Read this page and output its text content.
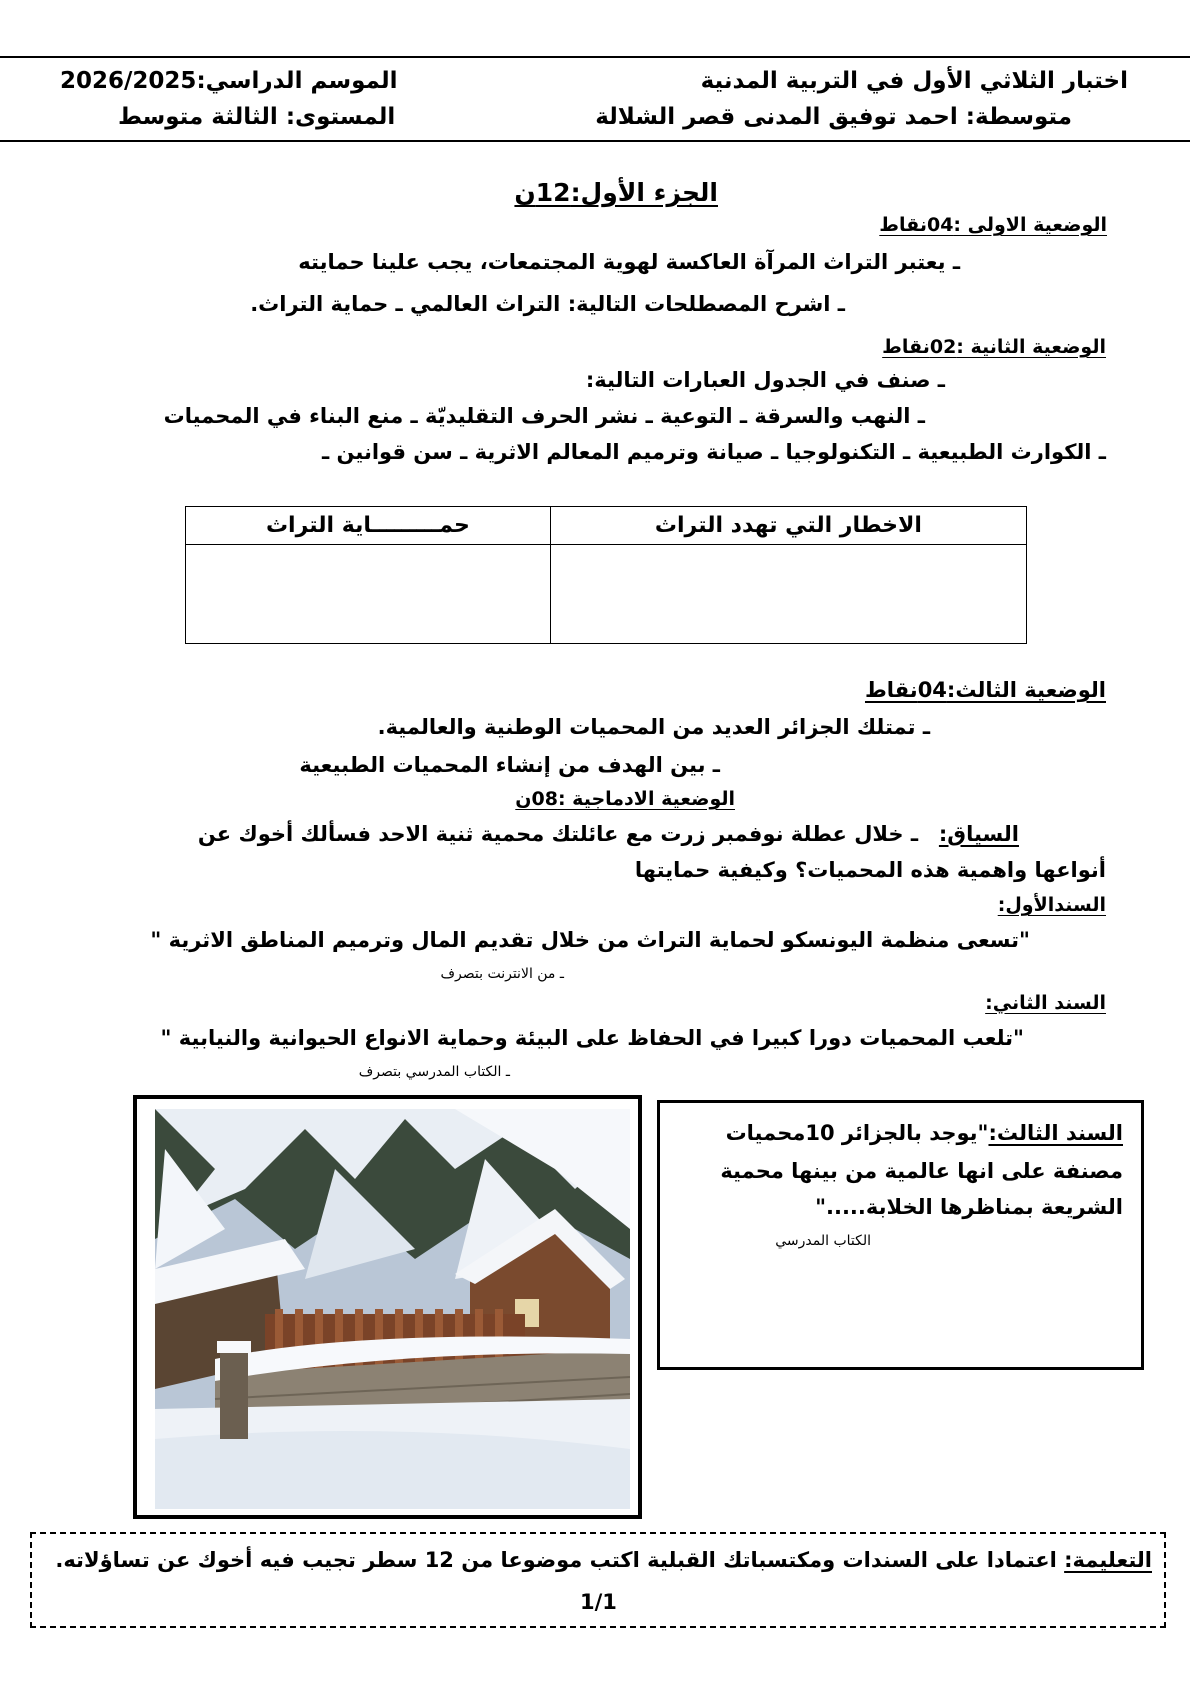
اختبار الثلاثي الأول في التربية المدنية
متوسطة: احمد توفيق المدنى قصر الشلالة
الموسم الدراسي:2026/2025
المستوى: الثالثة متوسط
الجزء الأول:12ن
الوضعية الاولى :04نقاط
ـ يعتبر التراث المرآة العاكسة لهوية المجتمعات، يجب علينا حمايته
ـ اشرح المصطلحات التالية: التراث العالمي ـ حماية التراث.
الوضعية الثانية :02نقاط
ـ صنف في الجدول العبارات التالية:
ـ النهب والسرقة ـ التوعية ـ نشر الحرف التقليديّة ـ منع البناء في المحميات
ـ الكوارث الطبيعية ـ التكنولوجيا ـ صيانة وترميم المعالم الاثرية ـ سن قوانين ـ
الاخطار التي تهدد التراث	حمـــــــــاية التراث

الوضعية الثالث:04نقاط
ـ تمتلك الجزائر العديد من المحميات الوطنية والعالمية.
ـ بين الهدف من إنشاء المحميات الطبيعية
الوضعية الادماجية :08ن
السياق:
ـ خلال عطلة نوفمبر زرت مع عائلتك محمية ثنية الاحد فسألك أخوك عن
أنواعها واهمية هذه المحميات؟ وكيفية حمايتها
السندالأول:
"تسعى منظمة اليونسكو لحماية التراث من خلال تقديم المال وترميم المناطق الاثرية "
ـ من الانترنت بتصرف
السند الثاني:
"تلعب المحميات دورا كبيرا في الحفاظ على البيئة وحماية الانواع الحيوانية والنيابية "
ـ الكتاب المدرسي بتصرف
السند الثالث:"يوجد بالجزائر 10محميات
مصنفة على انها عالمية من بينها محمية
الشريعة بمناظرها الخلابة....."
الكتاب المدرسي
التعليمة: اعتمادا على السندات ومكتسباتك القبلية اكتب موضوعا من 12 سطر تجيب فيه أخوك عن تساؤلاته.
1/1
